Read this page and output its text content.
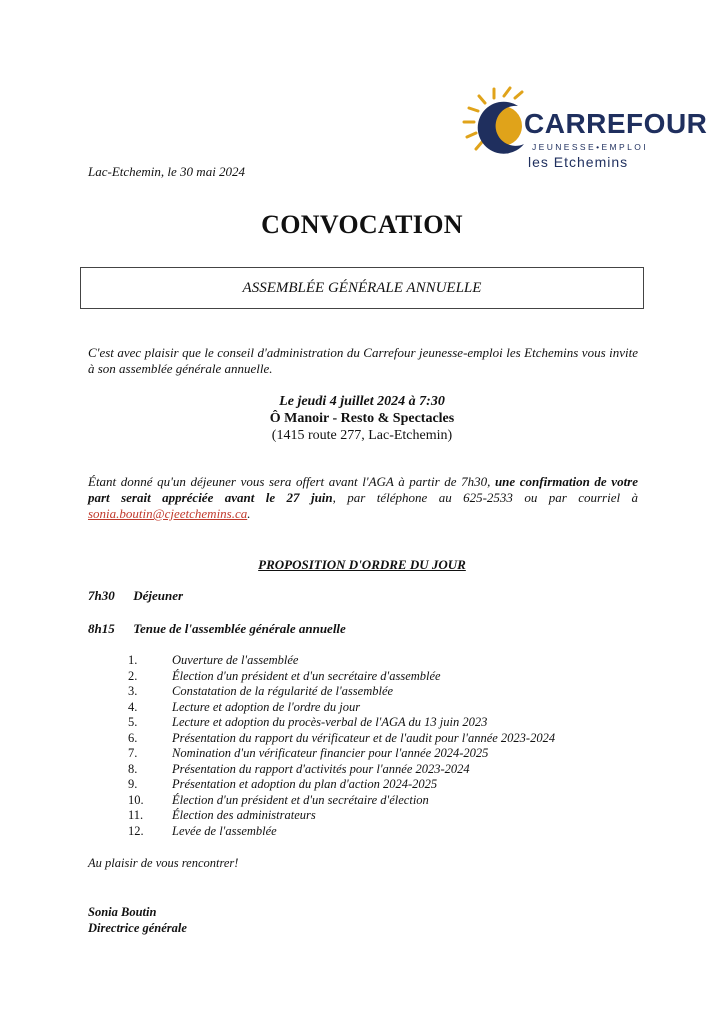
CARREFOUR
JEUNESSE•EMPLOI
les Etchemins
Lac-Etchemin, le 30 mai 2024
CONVOCATION
ASSEMBLÉE GÉNÉRALE ANNUELLE
C'est avec plaisir que le conseil d'administration du Carrefour jeunesse-emploi les Etchemins vous invite à son assemblée générale annuelle.
Le jeudi 4 juillet 2024 à 7:30
Ô Manoir - Resto & Spectacles
(1415 route 277, Lac-Etchemin)
Étant donné qu'un déjeuner vous sera offert avant l'AGA à partir de 7h30, une confirmation de votre part serait appréciée avant le 27 juin, par téléphone au 625-2533 ou par courriel à sonia.boutin@cjeetchemins.ca.
PROPOSITION D'ORDRE DU JOUR
7h30 Déjeuner
8h15 Tenue de l'assemblée générale annuelle
1.	Ouverture de l'assemblée
2.	Élection d'un président et d'un secrétaire d'assemblée
3.	Constatation de la régularité de l'assemblée
4.	Lecture et adoption de l'ordre du jour
5.	Lecture et adoption du procès-verbal de l'AGA du 13 juin 2023
6.	Présentation du rapport du vérificateur et de l'audit pour l'année 2023-2024
7.	Nomination d'un vérificateur financier pour l'année 2024-2025
8.	Présentation du rapport d'activités pour l'année 2023-2024
9.	Présentation et adoption du plan d'action 2024-2025
10. Élection d'un président et d'un secrétaire d'élection
11. Élection des administrateurs
12. Levée de l'assemblée
Au plaisir de vous rencontrer!
Sonia Boutin
Directrice générale
